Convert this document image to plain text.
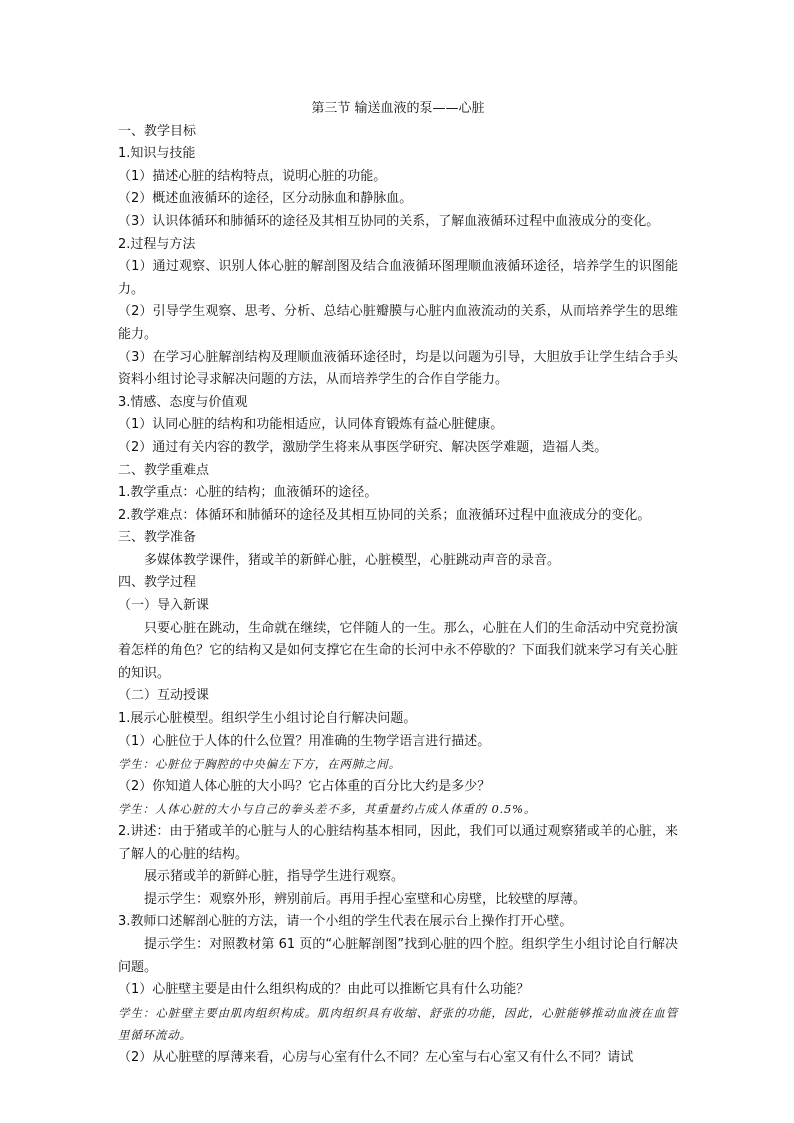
第三节 输送血液的泵——心脏

一、教学目标

1.知识与技能

（1）描述心脏的结构特点，说明心脏的功能。

（2）概述血液循环的途径，区分动脉血和静脉血。

（3）认识体循环和肺循环的途径及其相互协同的关系，了解血液循环过程中血液成分的变化。

2.过程与方法

（1）通过观察、识别人体心脏的解剖图及结合血液循环图理顺血液循环途径，培养学生的识图能力。

（2）引导学生观察、思考、分析、总结心脏瓣膜与心脏内血液流动的关系，从而培养学生的思维能力。

（3）在学习心脏解剖结构及理顺血液循环途径时，均是以问题为引导，大胆放手让学生结合手头资料小组讨论寻求解决问题的方法，从而培养学生的合作自学能力。

3.情感、态度与价值观

（1）认同心脏的结构和功能相适应，认同体育锻炼有益心脏健康。

（2）通过有关内容的教学，激励学生将来从事医学研究、解决医学难题，造福人类。

二、教学重难点

1.教学重点：心脏的结构；血液循环的途径。

2.教学难点：体循环和肺循环的途径及其相互协同的关系；血液循环过程中血液成分的变化。

三、教学准备

多媒体教学课件，猪或羊的新鲜心脏，心脏模型，心脏跳动声音的录音。

四、教学过程

（一）导入新课

只要心脏在跳动，生命就在继续，它伴随人的一生。那么，心脏在人们的生命活动中究竟扮演着怎样的角色？它的结构又是如何支撑它在生命的长河中永不停歇的？下面我们就来学习有关心脏的知识。

（二）互动授课

1.展示心脏模型。组织学生小组讨论自行解决问题。

（1）心脏位于人体的什么位置？用准确的生物学语言进行描述。

学生：心脏位于胸腔的中央偏左下方，在两肺之间。

（2）你知道人体心脏的大小吗？它占体重的百分比大约是多少？

学生：人体心脏的大小与自己的拳头差不多，其重量约占成人体重的 0.5%。

2.讲述：由于猪或羊的心脏与人的心脏结构基本相同，因此，我们可以通过观察猪或羊的心脏，来了解人的心脏的结构。

展示猪或羊的新鲜心脏，指导学生进行观察。

提示学生：观察外形，辨别前后。再用手捏心室壁和心房壁，比较壁的厚薄。

3.教师口述解剖心脏的方法，请一个小组的学生代表在展示台上操作打开心壁。

提示学生：对照教材第 61 页的“心脏解剖图”找到心脏的四个腔。组织学生小组讨论自行解决问题。

（1）心脏壁主要是由什么组织构成的？由此可以推断它具有什么功能？

学生：心脏壁主要由肌肉组织构成。肌肉组织具有收缩、舒张的功能，因此，心脏能够推动血液在血管里循环流动。

（2）从心脏壁的厚薄来看，心房与心室有什么不同？左心室与右心室又有什么不同？请试
